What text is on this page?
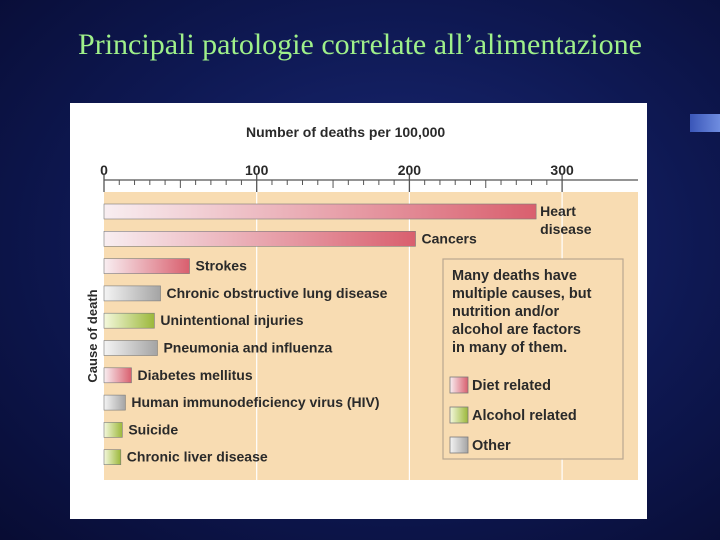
Principali patologie correlate all’alimentazione
Number of deaths per 100,000
Cause of death
0	100	200	300
Heart
disease
Cancers
Strokes
Chronic obstructive lung disease
Unintentional injuries
Pneumonia and influenza
Diabetes mellitus
Human immunodeficiency virus (HIV)
Suicide
Chronic liver disease
Many deaths have
multiple causes, but
nutrition and/or
alcohol are factors
in many of them.
Diet related
Alcohol related
Other
